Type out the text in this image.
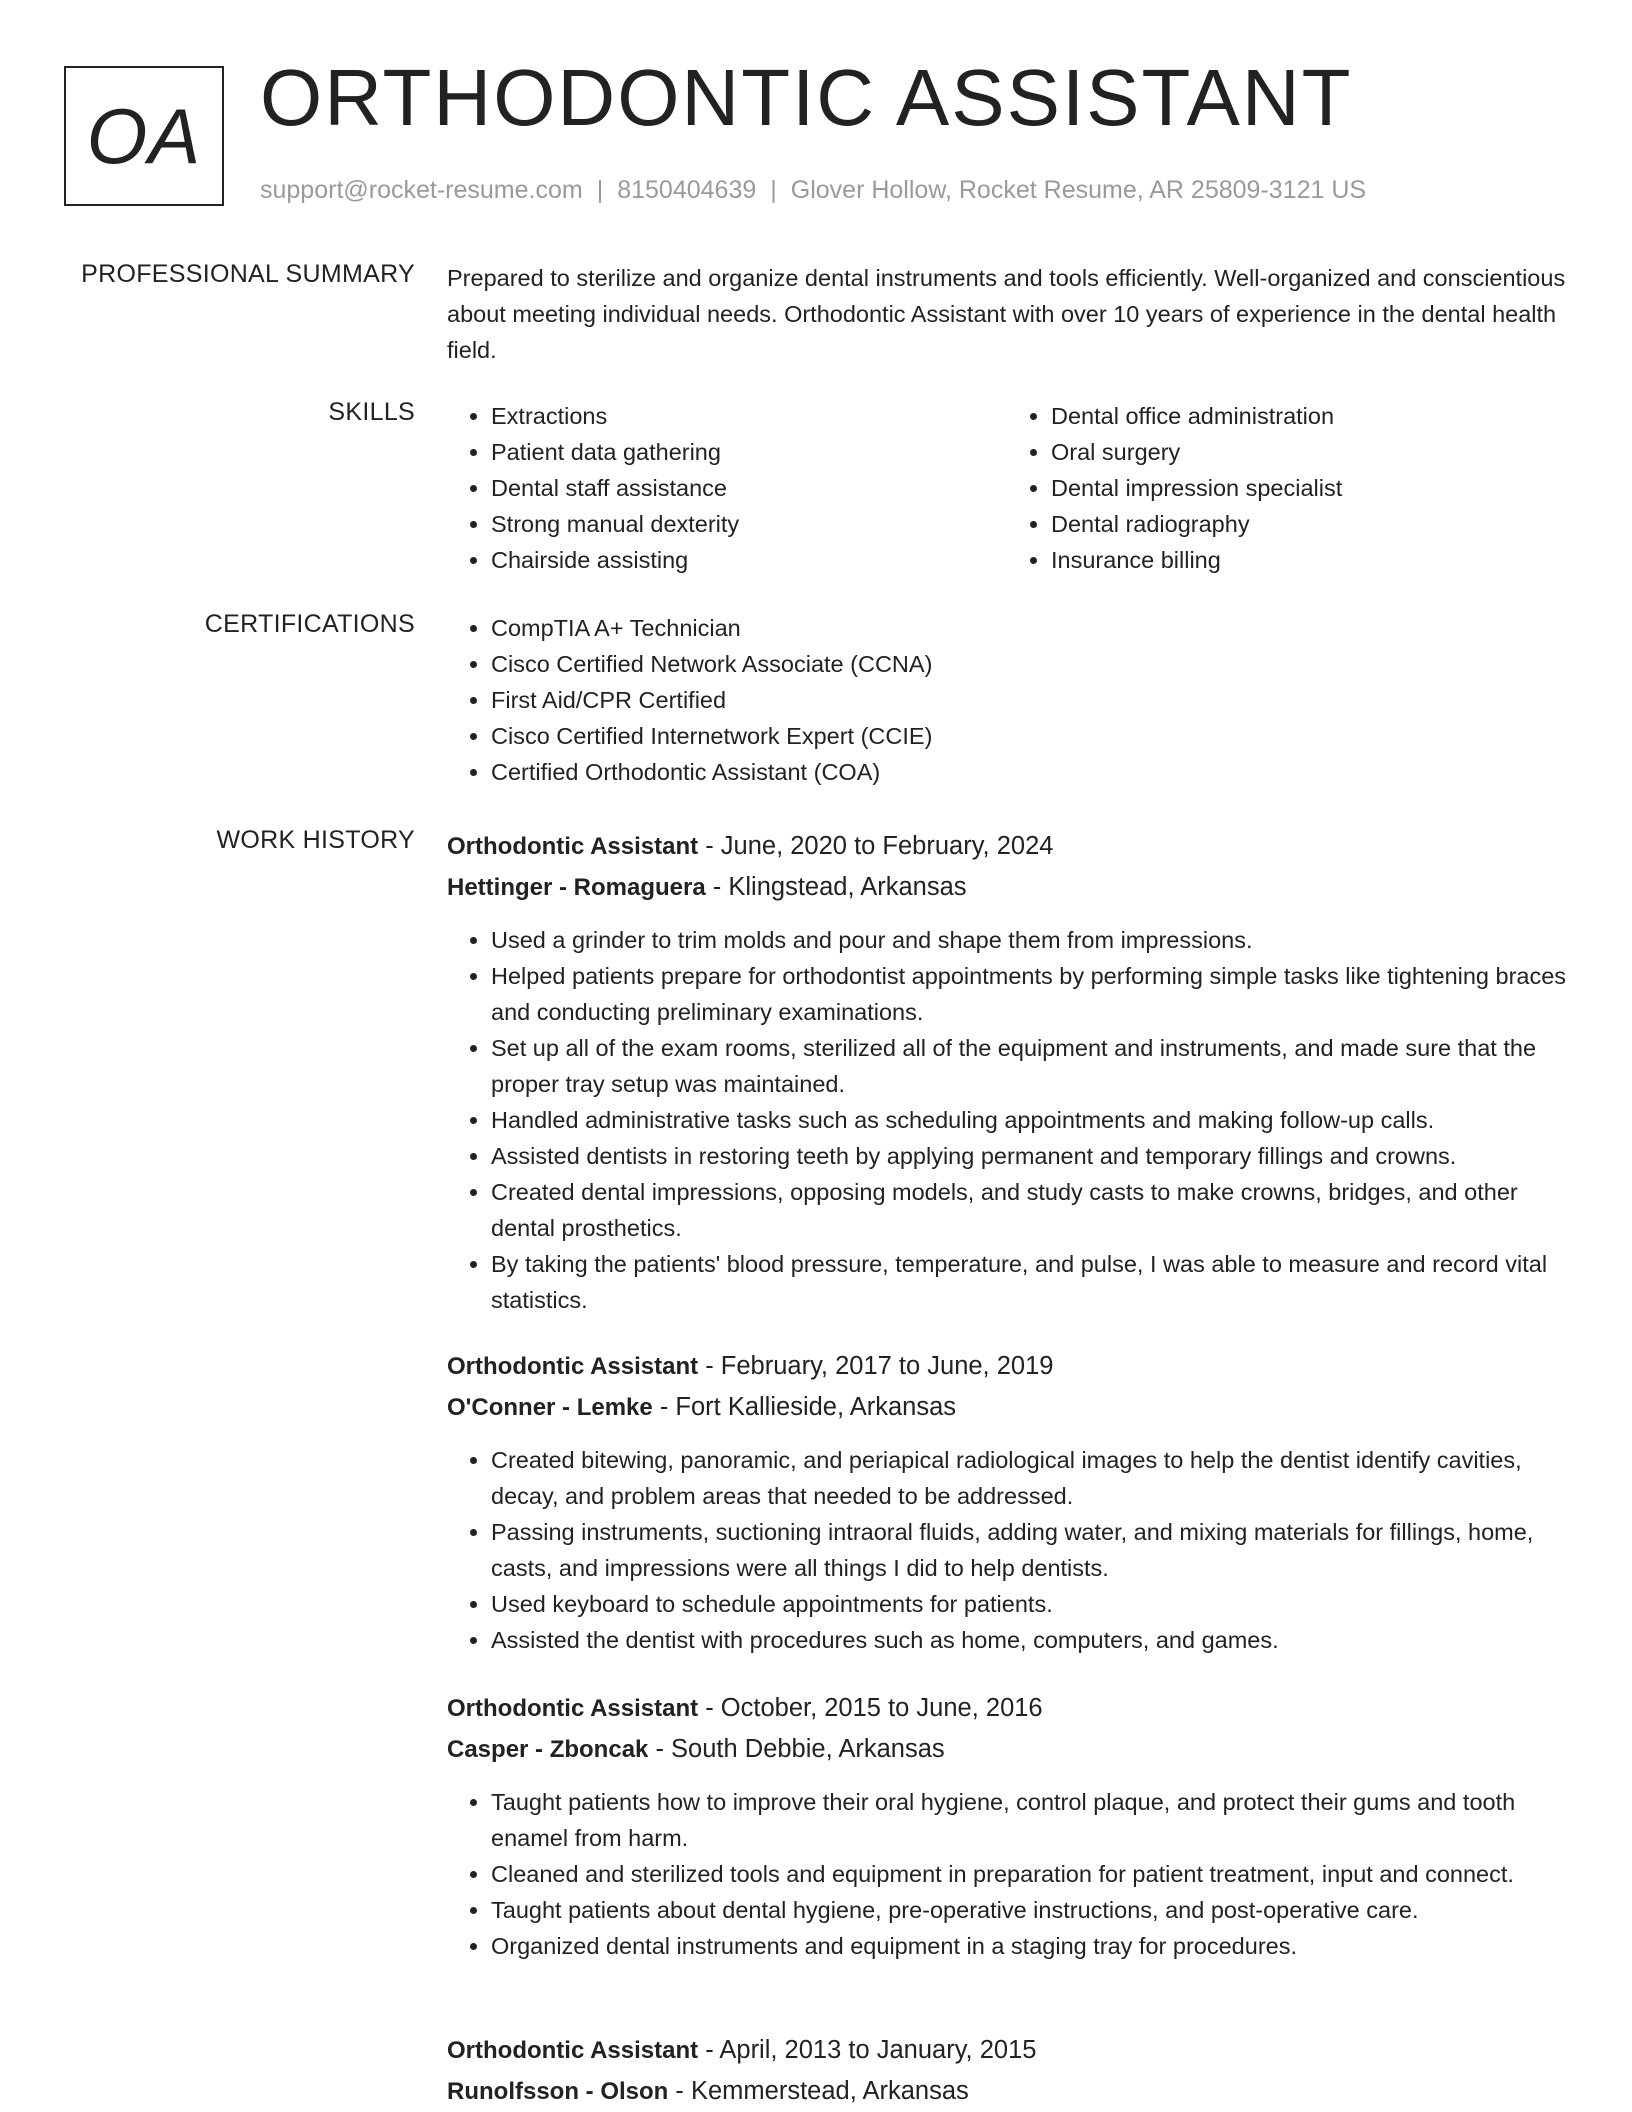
OA ORTHODONTIC ASSISTANT
support@rocket-resume.com | 8150404639 | Glover Hollow, Rocket Resume, AR 25809-3121 US
PROFESSIONAL SUMMARY Prepared to sterilize and organize dental instruments and tools efficiently. Well-organized and conscientious about meeting individual needs. Orthodontic Assistant with over 10 years of experience in the dental health field.

SKILLS	• Extractions
• Patient data gathering
• Dental staff assistance
• Strong manual dexterity
• Chairside assisting
• Dental office administration
• Oral surgery
• Dental impression specialist
• Dental radiography
• Insurance billing
CERTIFICATIONS	• CompTIA A+ Technician
• Cisco Certified Network Associate (CCNA)
• First Aid/CPR Certified
• Cisco Certified Internetwork Expert (CCIE)
• Certified Orthodontic Assistant (COA)
WORK HISTORY Orthodontic Assistant - June, 2020 to February, 2024
Hettinger - Romaguera - Klingstead, Arkansas
• Used a grinder to trim molds and pour and shape them from impressions.
• Helped patients prepare for orthodontist appointments by performing simple tasks like tightening braces and conducting preliminary examinations.
• Set up all of the exam rooms, sterilized all of the equipment and instruments, and made sure that the proper tray setup was maintained.
• Handled administrative tasks such as scheduling appointments and making follow-up calls.
• Assisted dentists in restoring teeth by applying permanent and temporary fillings and crowns.
• Created dental impressions, opposing models, and study casts to make crowns, bridges, and other dental prosthetics.
• By taking the patients' blood pressure, temperature, and pulse, I was able to measure and record vital statistics.
Orthodontic Assistant - February, 2017 to June, 2019
O'Conner - Lemke - Fort Kallieside, Arkansas
• Created bitewing, panoramic, and periapical radiological images to help the dentist identify cavities, decay, and problem areas that needed to be addressed.
• Passing instruments, suctioning intraoral fluids, adding water, and mixing materials for fillings, home, casts, and impressions were all things I did to help dentists.
• Used keyboard to schedule appointments for patients.
• Assisted the dentist with procedures such as home, computers, and games.
Orthodontic Assistant - October, 2015 to June, 2016
Casper - Zboncak - South Debbie, Arkansas
• Taught patients how to improve their oral hygiene, control plaque, and protect their gums and tooth enamel from harm.
• Cleaned and sterilized tools and equipment in preparation for patient treatment, input and connect.
• Taught patients about dental hygiene, pre-operative instructions, and post-operative care.
• Organized dental instruments and equipment in a staging tray for procedures.
Orthodontic Assistant - April, 2013 to January, 2015
Runolfsson - Olson - Kemmerstead, Arkansas
